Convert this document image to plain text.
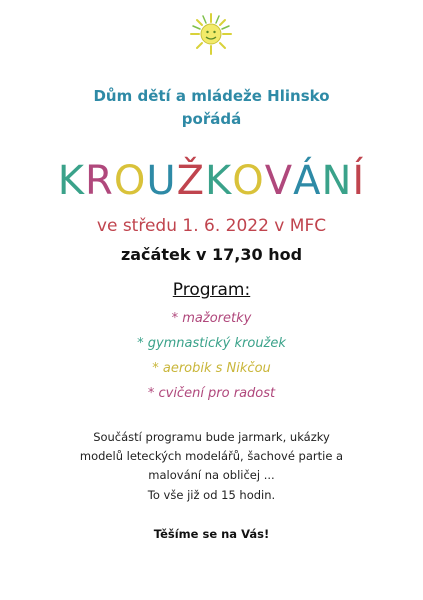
Dům dětí a mládeže Hlinsko
pořádá
KROUŽKOVÁNÍ
ve středu 1. 6. 2022 v MFC
začátek v 17,30 hod
Program:
* mažoretky
* gymnastický kroužek
* aerobik s Nikčou
* cvičení pro radost
Součástí programu bude jarmark, ukázky
modelů leteckých modelářů, šachové partie a
malování na obličej ...
To vše již od 15 hodin.
Těšíme se na Vás!
